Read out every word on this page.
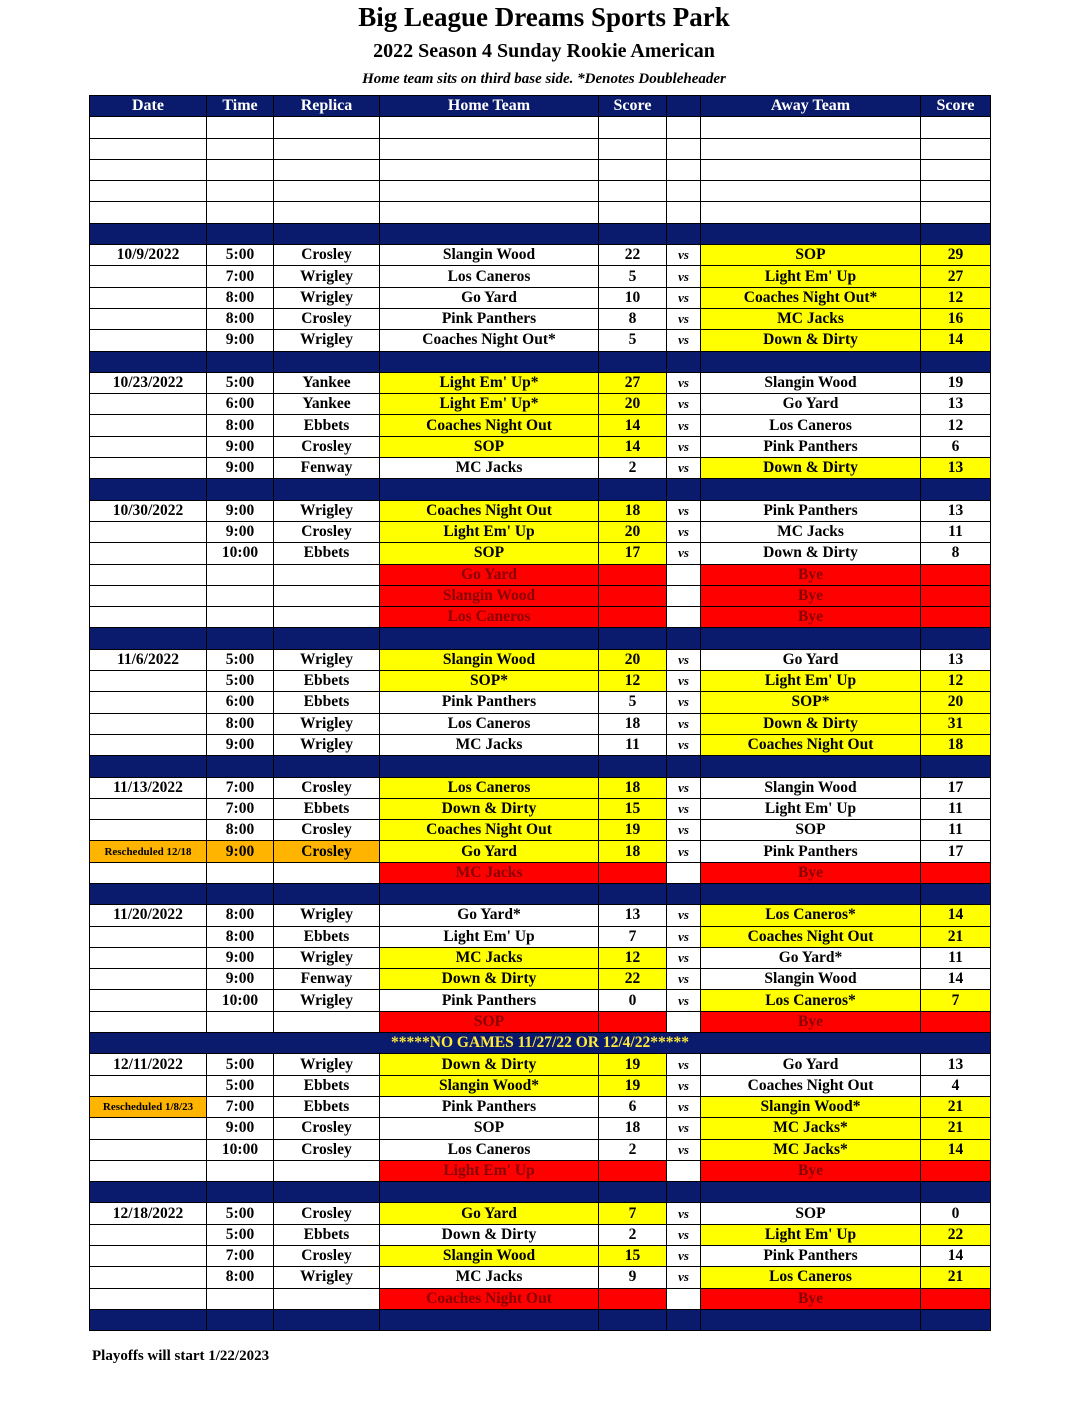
Big League Dreams Sports Park
2022 Season 4 Sunday Rookie American
Home team sits on third base side. *Denotes Doubleheader
Date	Time	Replica	Home Team	Score		Away Team	Score

10/9/2022	5:00	Crosley	Slangin Wood	22	vs	SOP	29
	7:00	Wrigley	Los Caneros	5	vs	Light Em' Up	27
	8:00	Wrigley	Go Yard	10	vs	Coaches Night Out*	12
	8:00	Crosley	Pink Panthers	8	vs	MC Jacks	16
	9:00	Wrigley	Coaches Night Out*	5	vs	Down & Dirty	14

10/23/2022	5:00	Yankee	Light Em' Up*	27	vs	Slangin Wood	19
	6:00	Yankee	Light Em' Up*	20	vs	Go Yard	13
	8:00	Ebbets	Coaches Night Out	14	vs	Los Caneros	12
	9:00	Crosley	SOP	14	vs	Pink Panthers	6
	9:00	Fenway	MC Jacks	2	vs	Down & Dirty	13

10/30/2022	9:00	Wrigley	Coaches Night Out	18	vs	Pink Panthers	13
	9:00	Crosley	Light Em' Up	20	vs	MC Jacks	11
	10:00	Ebbets	SOP	17	vs	Down & Dirty	8
			Go Yard			Bye	
			Slangin Wood			Bye	
			Los Caneros			Bye	

11/6/2022	5:00	Wrigley	Slangin Wood	20	vs	Go Yard	13
	5:00	Ebbets	SOP*	12	vs	Light Em' Up	12
	6:00	Ebbets	Pink Panthers	5	vs	SOP*	20
	8:00	Wrigley	Los Caneros	18	vs	Down & Dirty	31
	9:00	Wrigley	MC Jacks	11	vs	Coaches Night Out	18

11/13/2022	7:00	Crosley	Los Caneros	18	vs	Slangin Wood	17
	7:00	Ebbets	Down & Dirty	15	vs	Light Em' Up	11
	8:00	Crosley	Coaches Night Out	19	vs	SOP	11
Rescheduled 12/18	9:00	Crosley	Go Yard	18	vs	Pink Panthers	17
			MC Jacks			Bye	

11/20/2022	8:00	Wrigley	Go Yard*	13	vs	Los Caneros*	14
	8:00	Ebbets	Light Em' Up	7	vs	Coaches Night Out	21
	9:00	Wrigley	MC Jacks	12	vs	Go Yard*	11
	9:00	Fenway	Down & Dirty	22	vs	Slangin Wood	14
	10:00	Wrigley	Pink Panthers	0	vs	Los Caneros*	7
			SOP			Bye	
*****NO GAMES 11/27/22 OR 12/4/22*****							
12/11/2022	5:00	Wrigley	Down & Dirty	19	vs	Go Yard	13
	5:00	Ebbets	Slangin Wood*	19	vs	Coaches Night Out	4
Rescheduled 1/8/23	7:00	Ebbets	Pink Panthers	6	vs	Slangin Wood*	21
	9:00	Crosley	SOP	18	vs	MC Jacks*	21
	10:00	Crosley	Los Caneros	2	vs	MC Jacks*	14
			Light Em' Up			Bye	

12/18/2022	5:00	Crosley	Go Yard	7	vs	SOP	0
	5:00	Ebbets	Down & Dirty	2	vs	Light Em' Up	22
	7:00	Crosley	Slangin Wood	15	vs	Pink Panthers	14
	8:00	Wrigley	MC Jacks	9	vs	Los Caneros	21
			Coaches Night Out			Bye	

Playoffs will start 1/22/2023
